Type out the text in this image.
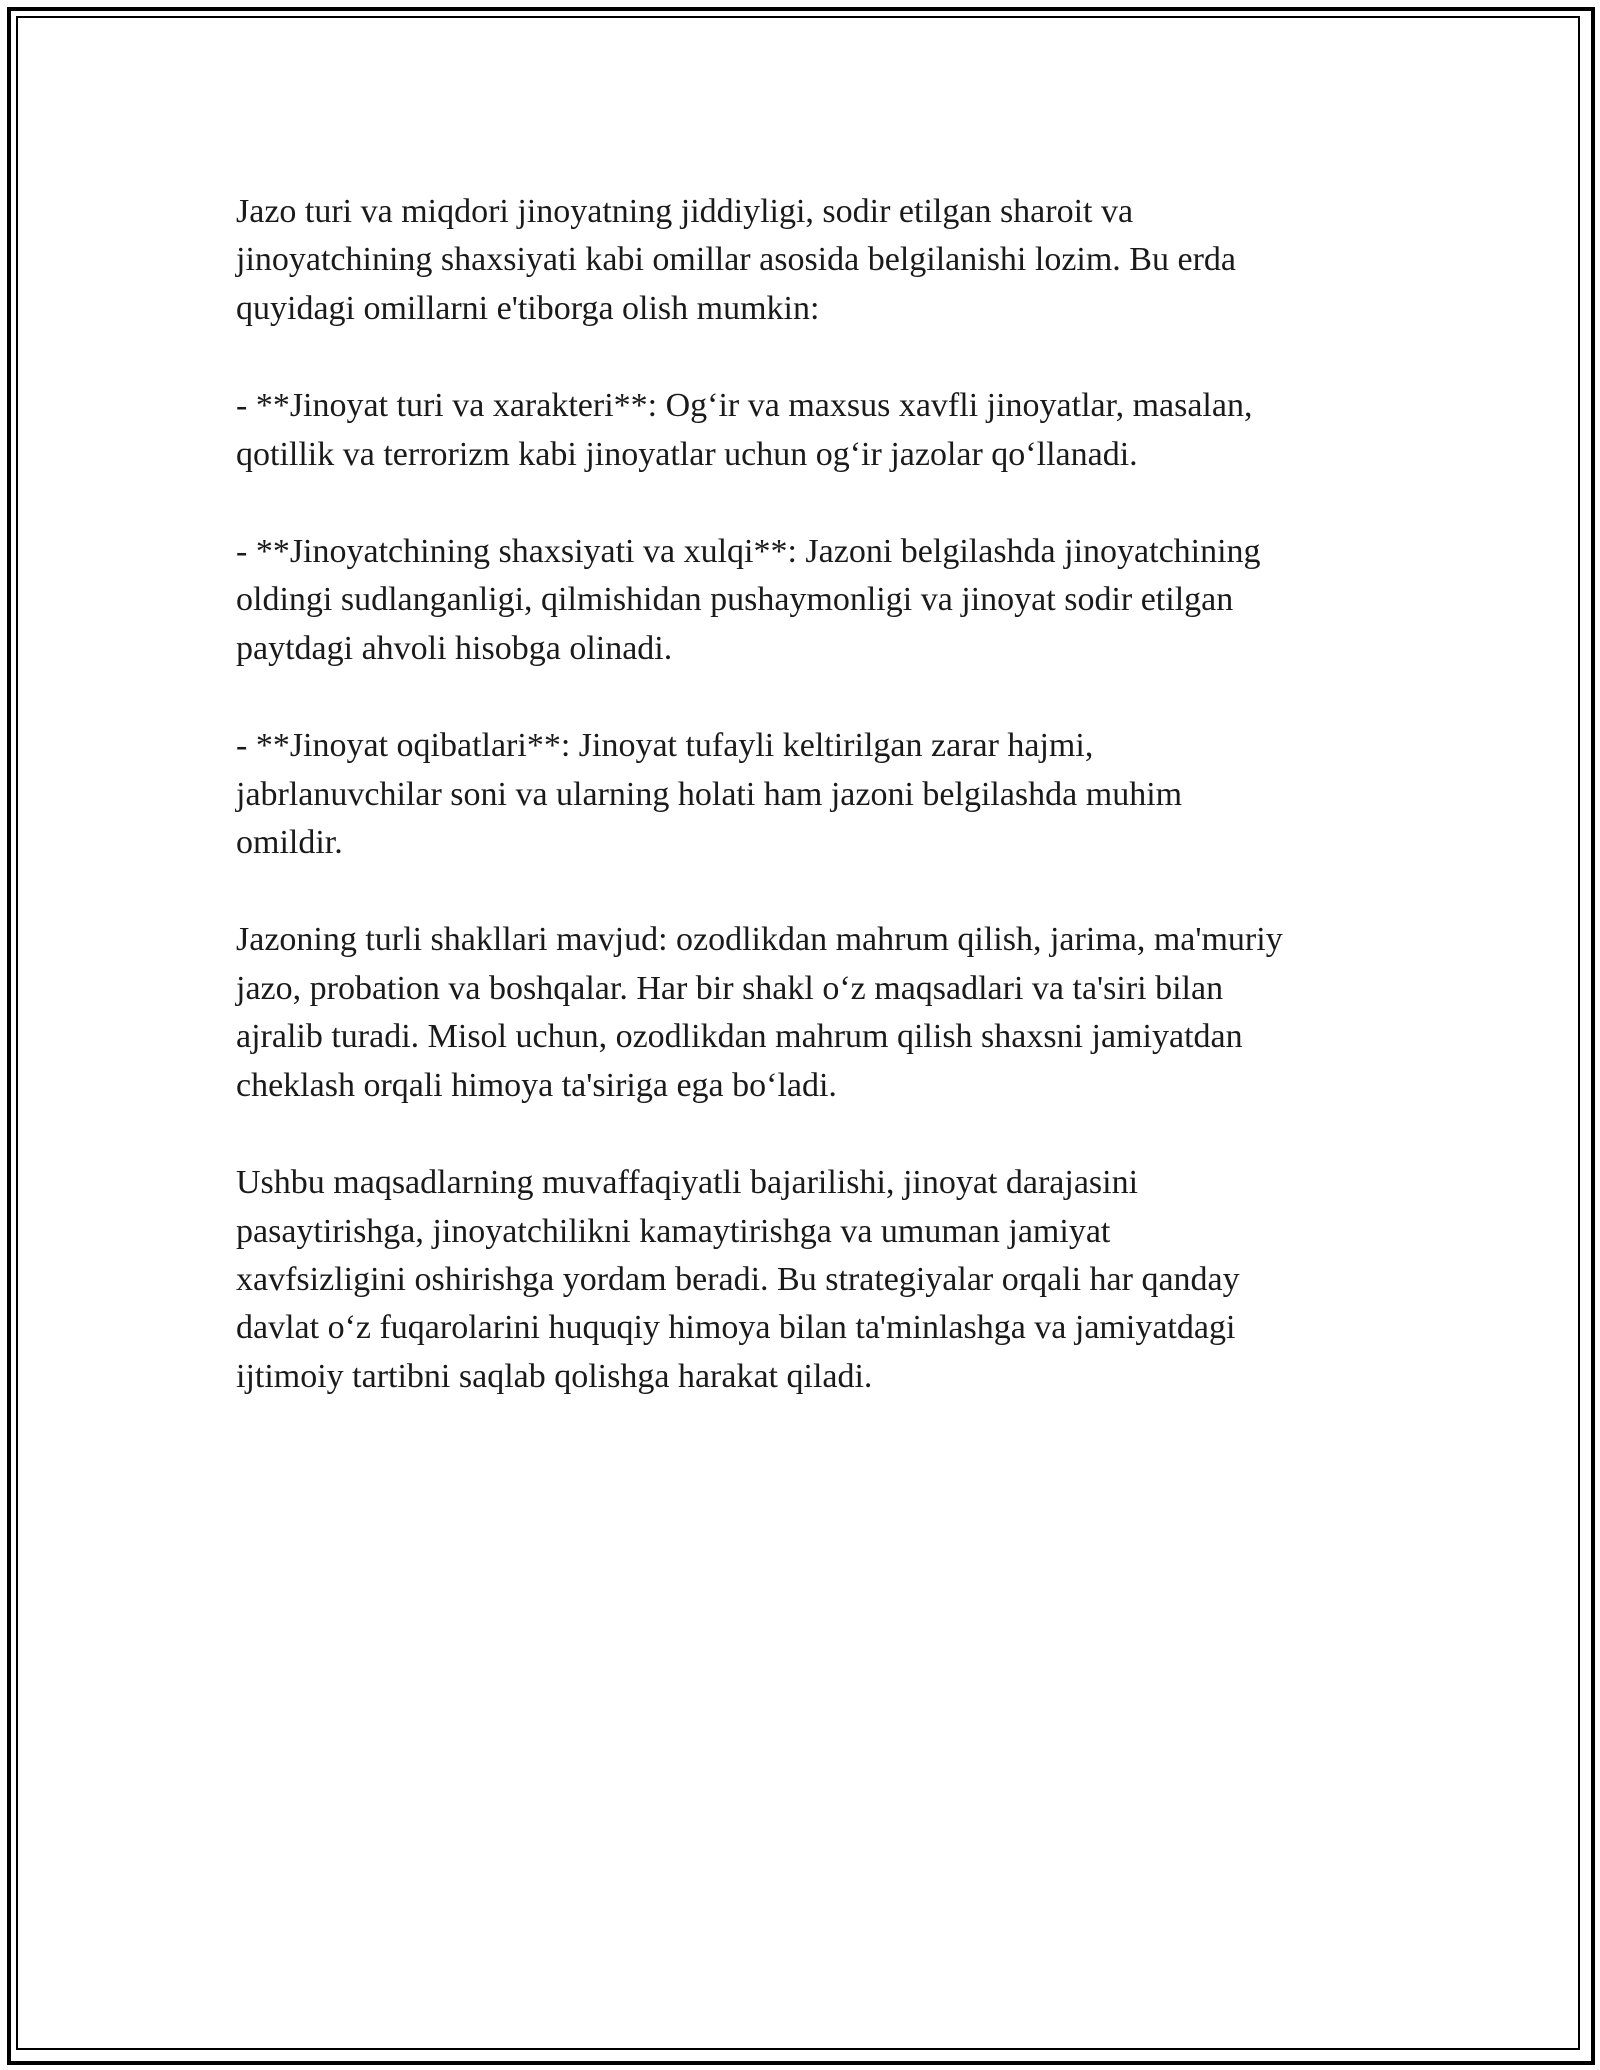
Jazo turi va miqdori jinoyatning jiddiyligi, sodir etilgan sharoit va
jinoyatchining shaxsiyati kabi omillar asosida belgilanishi lozim. Bu erda
quyidagi omillarni e'tiborga olish mumkin:

- **Jinoyat turi va xarakteri**: Og‘ir va maxsus xavfli jinoyatlar, masalan,
qotillik va terrorizm kabi jinoyatlar uchun og‘ir jazolar qo‘llanadi.

- **Jinoyatchining shaxsiyati va xulqi**: Jazoni belgilashda jinoyatchining
oldingi sudlanganligi, qilmishidan pushaymonligi va jinoyat sodir etilgan
paytdagi ahvoli hisobga olinadi.

- **Jinoyat oqibatlari**: Jinoyat tufayli keltirilgan zarar hajmi,
jabrlanuvchilar soni va ularning holati ham jazoni belgilashda muhim
omildir.

Jazoning turli shakllari mavjud: ozodlikdan mahrum qilish, jarima, ma'muriy
jazo, probation va boshqalar. Har bir shakl o‘z maqsadlari va ta'siri bilan
ajralib turadi. Misol uchun, ozodlikdan mahrum qilish shaxsni jamiyatdan
cheklash orqali himoya ta'siriga ega bo‘ladi.

Ushbu maqsadlarning muvaffaqiyatli bajarilishi, jinoyat darajasini
pasaytirishga, jinoyatchilikni kamaytirishga va umuman jamiyat
xavfsizligini oshirishga yordam beradi. Bu strategiyalar orqali har qanday
davlat o‘z fuqarolarini huquqiy himoya bilan ta'minlashga va jamiyatdagi
ijtimoiy tartibni saqlab qolishga harakat qiladi.
